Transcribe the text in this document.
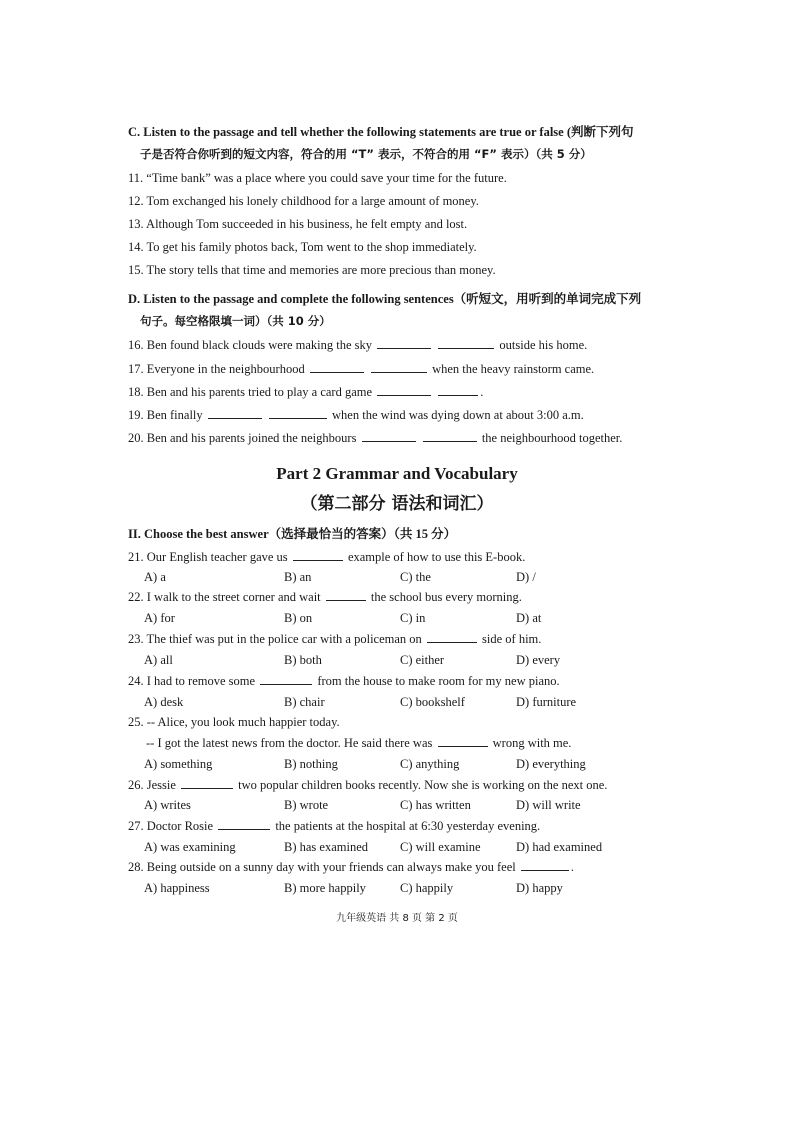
C. Listen to the passage and tell whether the following statements are true or false (判断下列句
子是否符合你听到的短文内容，符合的用 “T” 表示，不符合的用 “F” 表示）（共 5 分）
11. “Time bank” was a place where you could save your time for the future.
12. Tom exchanged his lonely childhood for a large amount of money.
13. Although Tom succeeded in his business, he felt empty and lost.
14. To get his family photos back, Tom went to the shop immediately.
15. The story tells that time and memories are more precious than money.
D. Listen to the passage and complete the following sentences（听短文，用听到的单词完成下列
句子。每空格限填一词）（共 10 分）
16. Ben found black clouds were making the sky	outside his home.
17. Everyone in the neighbourhood	when the heavy rainstorm came.
18. Ben and his parents tried to play a card game	.
19. Ben finally	when the wind was dying down at about 3:00 a.m.
20. Ben and his parents joined the neighbours	the neighbourhood together.
Part 2 Grammar and Vocabulary
（第二部分 语法和词汇）
II. Choose the best answer（选择最恰当的答案）（共 15 分）
21. Our English teacher gave us	example of how to use this E-book.
A) a	B) an	C) the	D) /
22. I walk to the street corner and wait	the school bus every morning.
A) for	B) on	C) in	D) at
23. The thief was put in the police car with a policeman on	side of him.
A) all	B) both	C) either	D) every
24. I had to remove some	from the house to make room for my new piano.
A) desk	B) chair	C) bookshelf	D) furniture
25. -- Alice, you look much happier today.
-- I got the latest news from the doctor. He said there was	wrong with me.
A) something	B) nothing	C) anything	D) everything
26. Jessie	two popular children books recently. Now she is working on the next one.
A) writes	B) wrote	C) has written	D) will write
27. Doctor Rosie	the patients at the hospital at 6:30 yesterday evening.
A) was examining	B) has examined	C) will examine	D) had examined
28. Being outside on a sunny day with your friends can always make you feel	.
A) happiness	B) more happily	C) happily	D) happy
九年级英语 共 8 页 第 2 页
